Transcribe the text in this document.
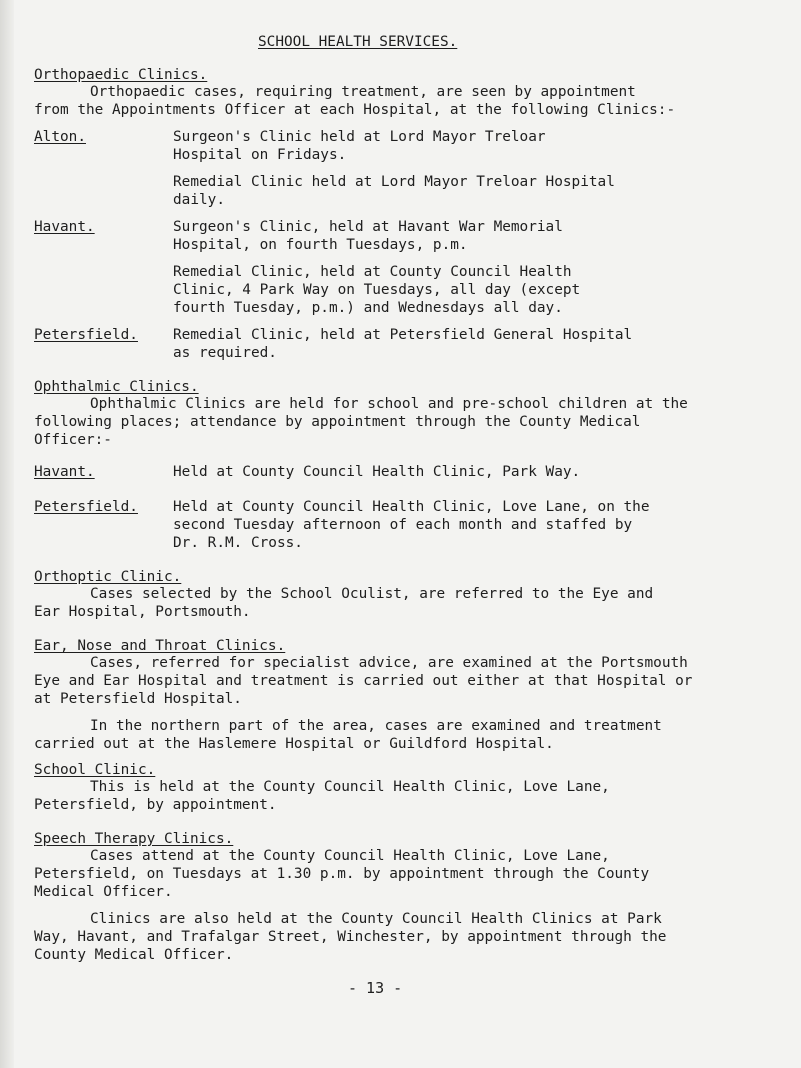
SCHOOL HEALTH SERVICES.
Orthopaedic Clinics.
Orthopaedic cases, requiring treatment, are seen by appointment
from the Appointments Officer at each Hospital, at the following Clinics:-
Alton.	Surgeon's Clinic held at Lord Mayor Treloar
Hospital on Fridays.
Remedial Clinic held at Lord Mayor Treloar Hospital
daily.
Havant.	Surgeon's Clinic, held at Havant War Memorial
Hospital, on fourth Tuesdays, p.m.
Remedial Clinic, held at County Council Health
Clinic, 4 Park Way on Tuesdays, all day (except
fourth Tuesday, p.m.) and Wednesdays all day.
Petersfield. Remedial Clinic, held at Petersfield General Hospital
as required.
Ophthalmic Clinics.
Ophthalmic Clinics are held for school and pre-school children at the
following places; attendance by appointment through the County Medical
Officer:-
Havant.	Held at County Council Health Clinic, Park Way.
Petersfield. Held at County Council Health Clinic, Love Lane, on the
second Tuesday afternoon of each month and staffed by
Dr. R.M. Cross.
Orthoptic Clinic.
Cases selected by the School Oculist, are referred to the Eye and
Ear Hospital, Portsmouth.
Ear, Nose and Throat Clinics.
Cases, referred for specialist advice, are examined at the Portsmouth
Eye and Ear Hospital and treatment is carried out either at that Hospital or
at Petersfield Hospital.
In the northern part of the area, cases are examined and treatment
carried out at the Haslemere Hospital or Guildford Hospital.
School Clinic.
This is held at the County Council Health Clinic, Love Lane,
Petersfield, by appointment.
Speech Therapy Clinics.
Cases attend at the County Council Health Clinic, Love Lane,
Petersfield, on Tuesdays at 1.30 p.m. by appointment through the County
Medical Officer.
Clinics are also held at the County Council Health Clinics at Park
Way, Havant, and Trafalgar Street, Winchester, by appointment through the
County Medical Officer.
- 13 -
